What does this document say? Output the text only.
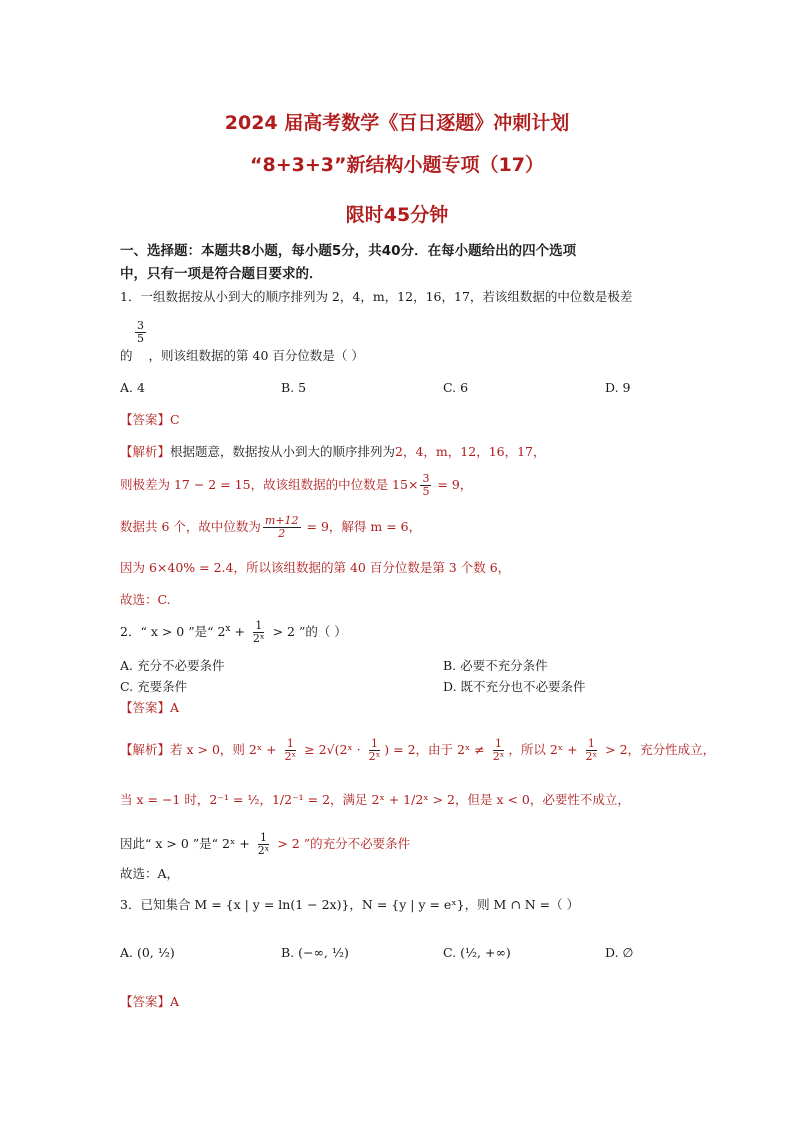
2024 届高考数学《百日逐题》冲刺计划
“8+3+3”新结构小题专项（17）
限时45分钟
一、选择题：本题共8小题，每小题5分，共40分．在每小题给出的四个选项
中，只有一项是符合题目要求的．
1．一组数据按从小到大的顺序排列为 2，4，m，12，16，17，若该组数据的中位数是极差
$\frac{3}{5}$
的 ，则该组数据的第 40 百分位数是（ ）
A. 4	B. 5	C. 6	D. 9
【答案】C
【解析】根据题意，数据按从小到大的顺序排列为2，4，m，12，16，17，
则极差为 17 − 2 = 15，故该组数据的中位数是 $15\times \frac{3}{5} = 9$，
数据共 6 个，故中位数为 $\frac{m+12}{2} = 9$，解得 m = 6，
因为 6×40% = 2.4，所以该组数据的第 40 百分位数是第 3 个数 6，
故选：C.
2．“ x > 0 ”是“ $2^x + \frac{1}{\text{2ˣ}} > 2$ ”的（ ）
A. 充分不必要条件	B. 必要不充分条件
C. 充要条件	D. 既不充分也不必要条件
【答案】A
【解析】若 x > 0，则 2ˣ + $\frac{1}{\text{2ˣ}}$ ≥ 2√(2ˣ · $\frac{1}{\text{2ˣ}}$ ) = 2，由于 2ˣ ≠ $\frac{1}{\text{2ˣ}}$ ，所以 2ˣ + $\frac{1}{\text{2ˣ}} > 2$，充分性成立，
当 x = −1 时，2⁻¹ = ½，1/2⁻¹ = 2，满足 2ˣ + 1/2ˣ > 2，但是 x < 0，必要性不成立，
因此“ x > 0 ”是“ 2ˣ + $\frac{1}{\text{2ˣ}} > 2$ ”的充分不必要条件
故选：A，
3．已知集合 M = {x | y = ln(1 − 2x)}，N = {y | y = eˣ}，则 M ∩ N =（ ）
A. (0, ½)	B. (−∞, ½)	C. (½, +∞)	D. ∅
【答案】A
